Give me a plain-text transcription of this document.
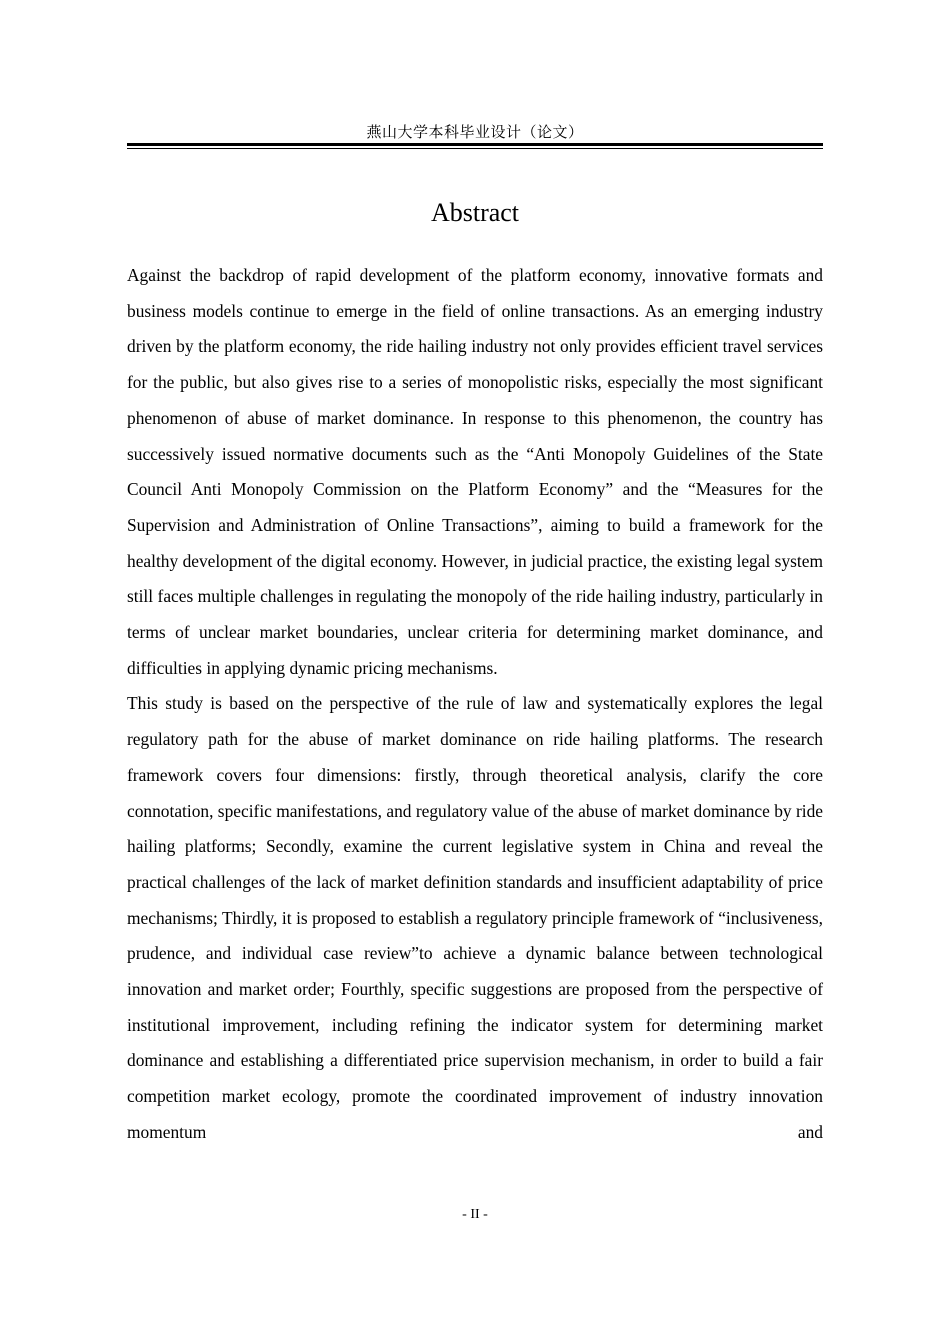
燕山大学本科毕业设计（论文）
Abstract

Against the backdrop of rapid development of the platform economy, innovative formats and business models continue to emerge in the field of online transactions. As an emerging industry driven by the platform economy, the ride hailing industry not only provides efficient travel services for the public, but also gives rise to a series of monopolistic risks, especially the most significant phenomenon of abuse of market dominance. In response to this phenomenon, the country has successively issued normative documents such as the “Anti Monopoly Guidelines of the State Council Anti Monopoly Commission on the Platform Economy” and the “Measures for the Supervision and Administration of Online Transactions”, aiming to build a framework for the healthy development of the digital economy. However, in judicial practice, the existing legal system still faces multiple challenges in regulating the monopoly of the ride hailing industry, particularly in terms of unclear market boundaries, unclear criteria for determining market dominance, and difficulties in applying dynamic pricing mechanisms.

This study is based on the perspective of the rule of law and systematically explores the legal regulatory path for the abuse of market dominance on ride hailing platforms. The research framework covers four dimensions: firstly, through theoretical analysis, clarify the core connotation, specific manifestations, and regulatory value of the abuse of market dominance by ride hailing platforms; Secondly, examine the current legislative system in China and reveal the practical challenges of the lack of market definition standards and insufficient adaptability of price mechanisms; Thirdly, it is proposed to establish a regulatory principle framework of “inclusiveness, prudence, and individual case review”to achieve a dynamic balance between technological innovation and market order; Fourthly, specific suggestions are proposed from the perspective of institutional improvement, including refining the indicator system for determining market dominance and establishing a differentiated price supervision mechanism, in order to build a fair competition market ecology, promote the coordinated improvement of industry innovation momentum and

- II -
